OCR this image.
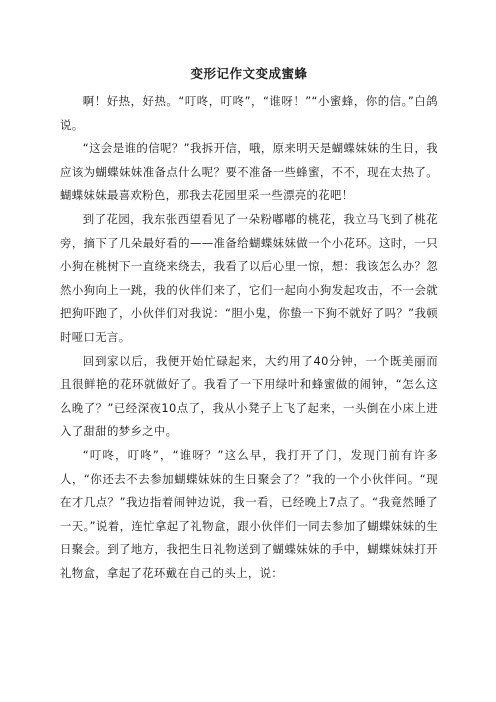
变形记作文变成蜜蜂

啊！好热，好热。“叮咚，叮咚”，“谁呀！”“小蜜蜂，你的信。”白鸽说。

“这会是谁的信呢？”我拆开信，哦，原来明天是蝴蝶妹妹的生日，我应该为蝴蝶妹妹准备点什么呢？要不准备一些蜂蜜，不不，现在太热了。蝴蝶妹妹最喜欢粉色，那我去花园里采一些漂亮的花吧！

到了花园，我东张西望看见了一朵粉嘟嘟的桃花，我立马飞到了桃花旁，摘下了几朵最好看的——准备给蝴蝶妹妹做一个小花环。这时，一只小狗在桃树下一直绕来绕去，我看了以后心里一惊，想：我该怎么办？忽然小狗向上一跳，我的伙伴们来了，它们一起向小狗发起攻击，不一会就把狗吓跑了，小伙伴们对我说：“胆小鬼，你蛰一下狗不就好了吗？”我顿时哑口无言。

回到家以后，我便开始忙碌起来，大约用了40分钟，一个既美丽而且很鲜艳的花环就做好了。我看了一下用绿叶和蜂蜜做的闹钟，“怎么这么晚了？”已经深夜10点了，我从小凳子上飞了起来，一头倒在小床上进入了甜甜的梦乡之中。

“叮咚，叮咚”，“谁呀？”这么早，我打开了门，发现门前有许多人，“你还去不去参加蝴蝶妹妹的生日聚会了？”我的一个小伙伴问。“现在才几点？”我边指着闹钟边说，我一看，已经晚上7点了。“我竟然睡了一天。”说着，连忙拿起了礼物盒，跟小伙伴们一同去参加了蝴蝶妹妹的生日聚会。到了地方，我把生日礼物送到了蝴蝶妹妹的手中，蝴蝶妹妹打开礼物盒，拿起了花环戴在自己的头上，说：
